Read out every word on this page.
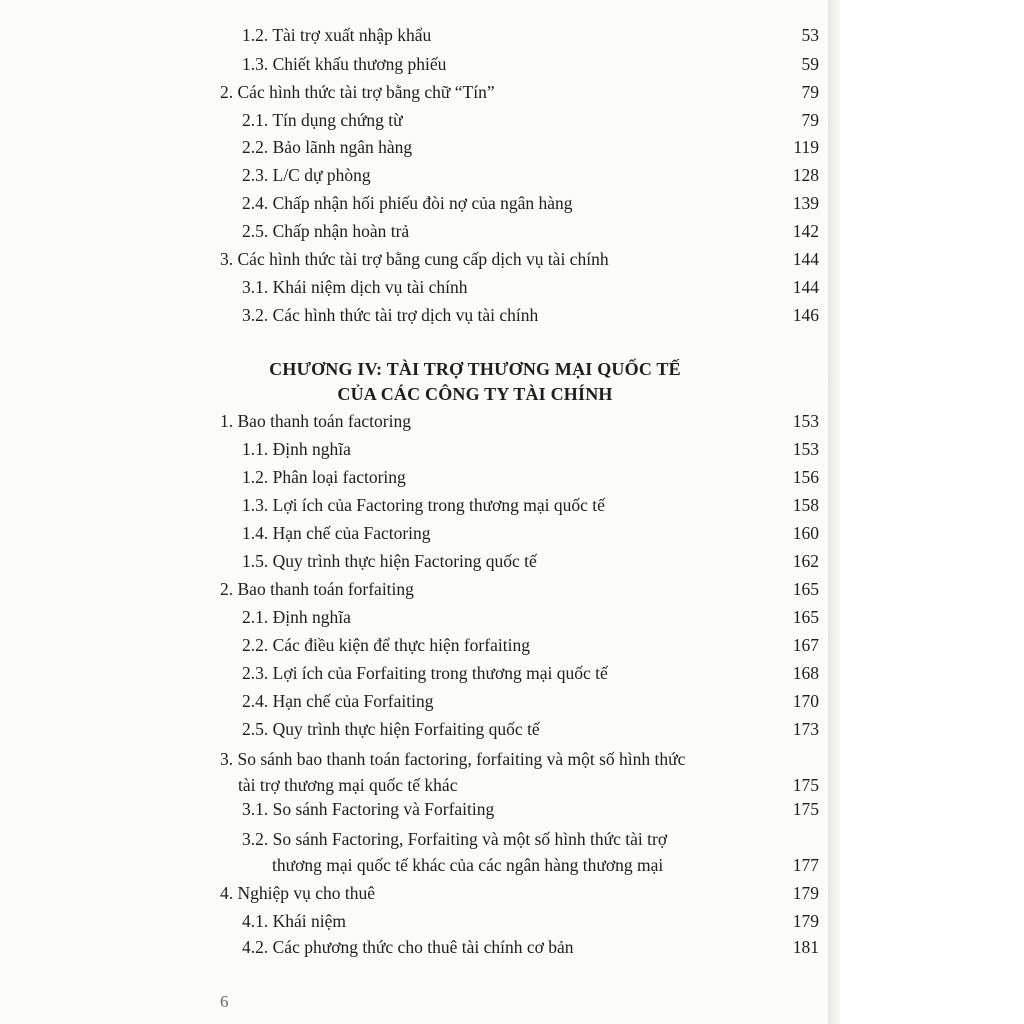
1.2. Tài trợ xuất nhập khẩu	53
1.3. Chiết khấu thương phiếu	59
2. Các hình thức tài trợ bằng chữ “Tín”	79
2.1. Tín dụng chứng từ	79
2.2. Bảo lãnh ngân hàng	119
2.3. L/C dự phòng	128
2.4. Chấp nhận hối phiếu đòi nợ của ngân hàng	139
2.5. Chấp nhận hoàn trả	142
3. Các hình thức tài trợ bằng cung cấp dịch vụ tài chính	144
3.1. Khái niệm dịch vụ tài chính	144
3.2. Các hình thức tài trợ dịch vụ tài chính	146
CHƯƠNG IV: TÀI TRỢ THƯƠNG MẠI QUỐC TẾ
CỦA CÁC CÔNG TY TÀI CHÍNH
1. Bao thanh toán factoring	153
1.1. Định nghĩa	153
1.2. Phân loại factoring	156
1.3. Lợi ích của Factoring trong thương mại quốc tế	158
1.4. Hạn chế của Factoring	160
1.5. Quy trình thực hiện Factoring quốc tế	162
2. Bao thanh toán forfaiting	165
2.1. Định nghĩa	165
2.2. Các điều kiện để thực hiện forfaiting	167
2.3. Lợi ích của Forfaiting trong thương mại quốc tế	168
2.4. Hạn chế của Forfaiting	170
2.5. Quy trình thực hiện Forfaiting quốc tế	173
3. So sánh bao thanh toán factoring, forfaiting và một số hình thức
tài trợ thương mại quốc tế khác	175
3.1. So sánh Factoring và Forfaiting	175
3.2. So sánh Factoring, Forfaiting và một số hình thức tài trợ
thương mại quốc tế khác của các ngân hàng thương mại	177
4. Nghiệp vụ cho thuê	179
4.1. Khái niệm	179
4.2. Các phương thức cho thuê tài chính cơ bản	181
6
